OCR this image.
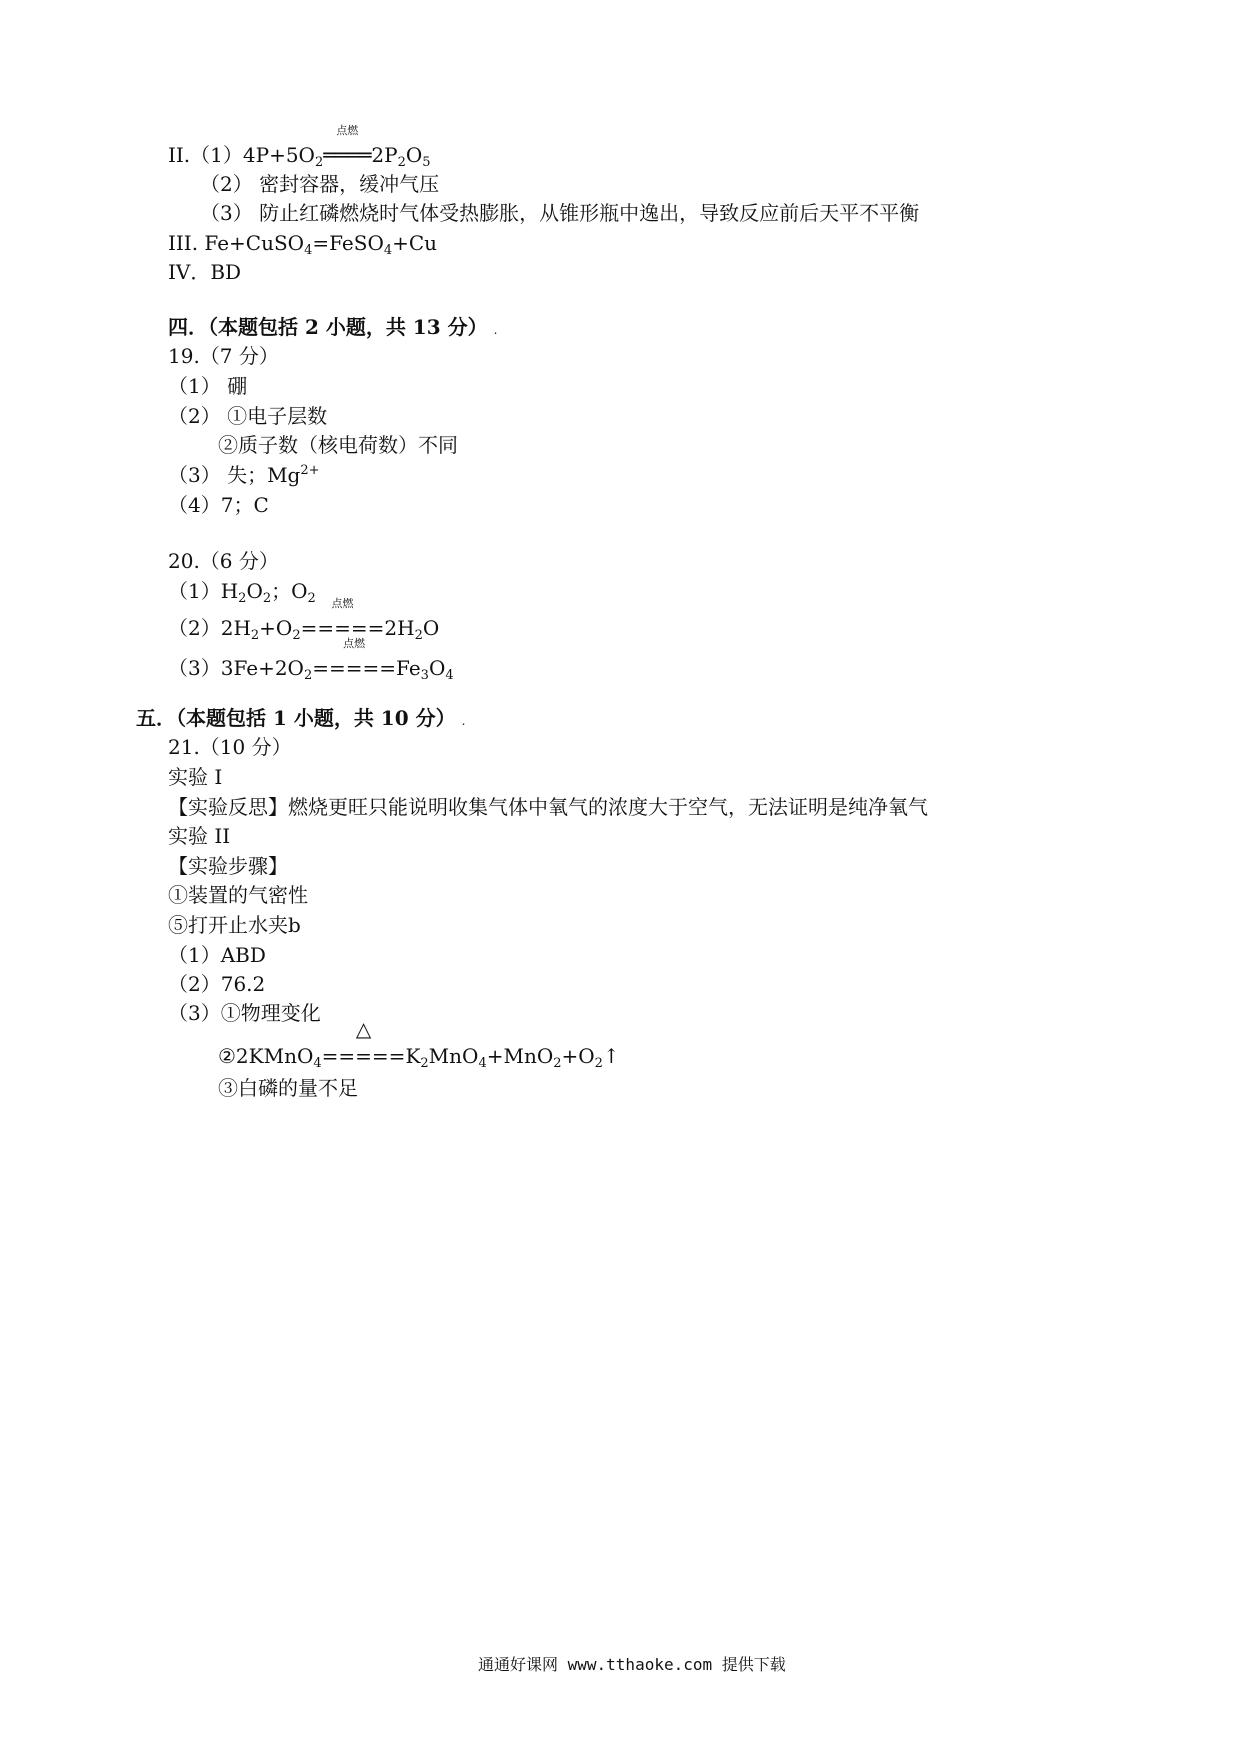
$II.(1)4P+5O_2$
点燃
$════2P_2O_5$
（2） 密封容器，缓冲气压
（3） 防止红磷燃烧时气体受热膨胀，从锥形瓶中逸出，导致反应前后天平不平衡
III. Fe+CuSO$_4$=FeSO$_4$+Cu
IV．BD
四．（本题包括 2 小题，共 13 分） .
19.（7 分）
（1） 硼
（2） ①电子层数
②质子数（核电荷数）不同
（3） 失；$Mg^{2+}$
（4）7；C
20.（6 分）
$(1)H_2O_2$；$O_2$
$(2)2H_2+O_2$
点燃
$=====2H_2O$
$(3)3Fe+2O_2$
点燃
$=====Fe_3O_4$
五．（本题包括 1 小题，共 10 分） .
21.（10 分）
实验 I
【实验反思】燃烧更旺只能说明收集气体中氧气的浓度大于空气，无法证明是纯净氧气
实验 II
【实验步骤】
①装置的气密性
⑤打开止水夹b
（1）ABD
（2）76.2
（3）①物理变化
②2KMnO$_4$
△
$=====K_2MnO_4+MnO_2+O_2↑$
③白磷的量不足
通通好课网 www.tthaoke.com 提供下载
